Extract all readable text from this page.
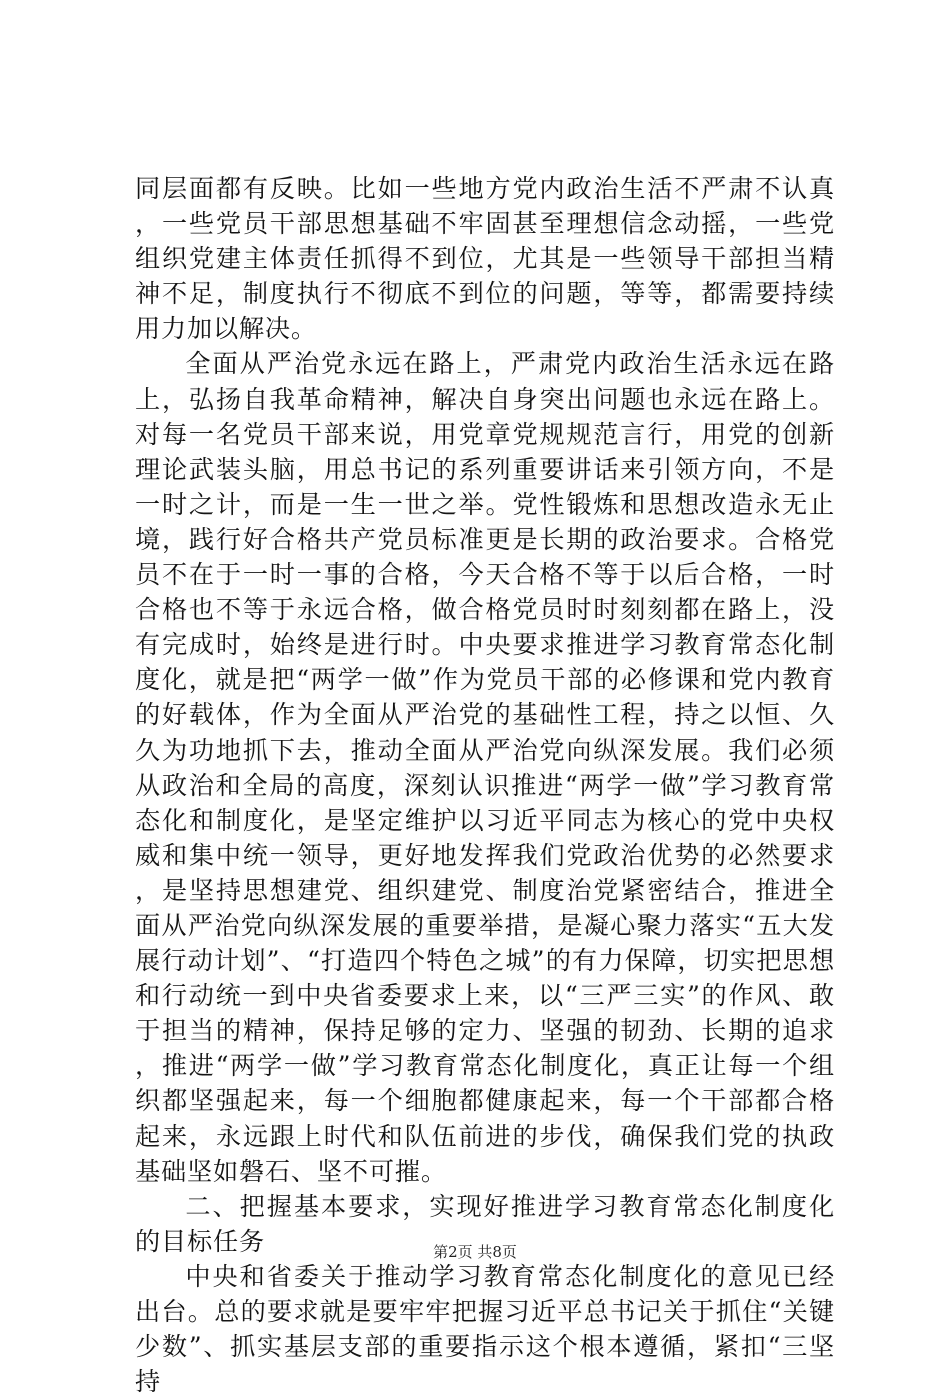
同层面都有反映。比如一些地方党内政治生活不严肃不认真，一些党员干部思想基础不牢固甚至理想信念动摇，一些党组织党建主体责任抓得不到位，尤其是一些领导干部担当精神不足，制度执行不彻底不到位的问题，等等，都需要持续用力加以解决。

全面从严治党永远在路上，严肃党内政治生活永远在路上，弘扬自我革命精神，解决自身突出问题也永远在路上。对每一名党员干部来说，用党章党规规范言行，用党的创新理论武装头脑，用总书记的系列重要讲话来引领方向，不是一时之计，而是一生一世之举。党性锻炼和思想改造永无止境，践行好合格共产党员标准更是长期的政治要求。合格党员不在于一时一事的合格，今天合格不等于以后合格，一时合格也不等于永远合格，做合格党员时时刻刻都在路上，没有完成时，始终是进行时。中央要求推进学习教育常态化制度化，就是把“两学一做”作为党员干部的必修课和党内教育的好载体，作为全面从严治党的基础性工程，持之以恒、久久为功地抓下去，推动全面从严治党向纵深发展。我们必须从政治和全局的高度，深刻认识推进“两学一做”学习教育常态化和制度化，是坚定维护以习近平同志为核心的党中央权威和集中统一领导，更好地发挥我们党政治优势的必然要求，是坚持思想建党、组织建党、制度治党紧密结合，推进全面从严治党向纵深发展的重要举措，是凝心聚力落实“五大发展行动计划”、“打造四个特色之城”的有力保障，切实把思想和行动统一到中央省委要求上来，以“三严三实”的作风、敢于担当的精神，保持足够的定力、坚强的韧劲、长期的追求，推进“两学一做”学习教育常态化制度化，真正让每一个组织都坚强起来，每一个细胞都健康起来，每一个干部都合格起来，永远跟上时代和队伍前进的步伐，确保我们党的执政基础坚如磐石、坚不可摧。

二、把握基本要求，实现好推进学习教育常态化制度化的目标任务

中央和省委关于推动学习教育常态化制度化的意见已经出台。总的要求就是要牢牢把握习近平总书记关于抓住“关键少数”、抓实基层支部的重要指示这个根本遵循，紧扣“三坚持

第2页 共8页
